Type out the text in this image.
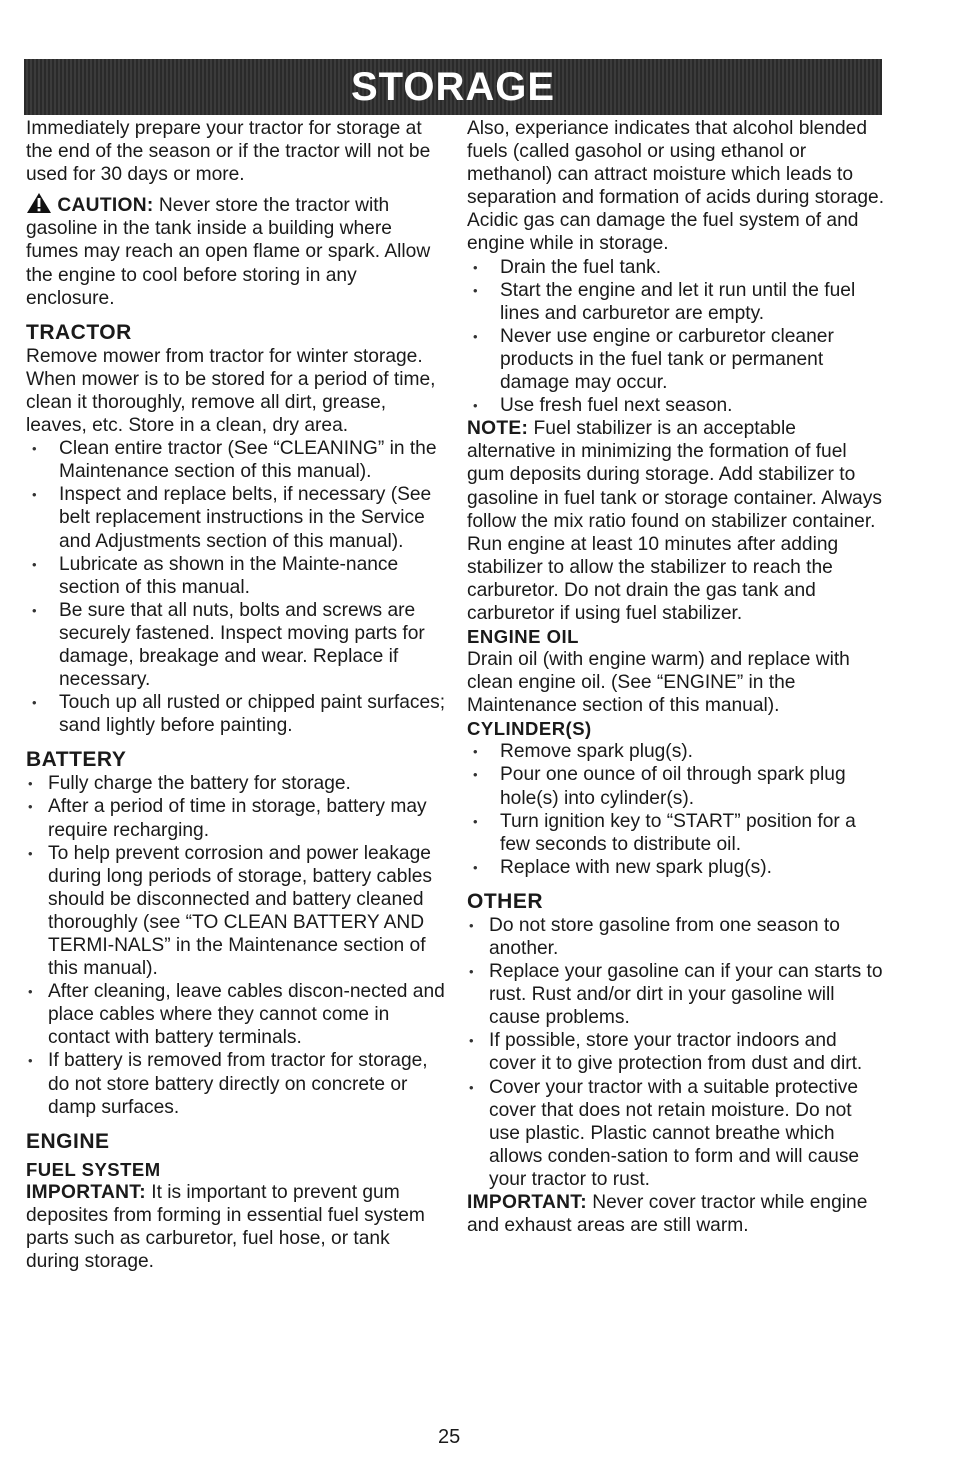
STORAGE

Immediately prepare your tractor for storage at the end of the season or if the tractor will not be used for 30 days or more.

CAUTION: Never store the tractor with gasoline in the tank inside a building where fumes may reach an open flame or spark. Allow the engine to cool before storing in any enclosure.

TRACTOR

Remove mower from tractor for winter storage. When mower is to be stored for a period of time, clean it thoroughly, remove all dirt, grease, leaves, etc. Store in a clean, dry area.

• Clean entire tractor (See “CLEANING” in the Maintenance section of this manual).
• Inspect and replace belts, if necessary (See belt replacement instructions in the Service and Adjustments section of this manual).
• Lubricate as shown in the Mainte-nance section of this manual.
• Be sure that all nuts, bolts and screws are securely fastened. Inspect moving parts for damage, breakage and wear. Replace if necessary.
• Touch up all rusted or chipped paint surfaces; sand lightly before painting.

BATTERY

• Fully charge the battery for storage.
• After a period of time in storage, battery may require recharging.
• To help prevent corrosion and power leakage during long periods of storage, battery cables should be disconnected and battery cleaned thoroughly (see “TO CLEAN BATTERY AND TERMI-NALS” in the Maintenance section of this manual).
• After cleaning, leave cables discon-nected and place cables where they cannot come in contact with battery terminals.
• If battery is removed from tractor for storage, do not store battery directly on concrete or damp surfaces.

ENGINE

FUEL SYSTEM

IMPORTANT: It is important to prevent gum deposites from forming in essential fuel system parts such as carburetor, fuel hose, or tank during storage.

Also, experiance indicates that alcohol blended fuels (called gasohol or using ethanol or methanol) can attract moisture which leads to separation and formation of acids during storage. Acidic gas can damage the fuel system of and engine while in storage.

• Drain the fuel tank.
• Start the engine and let it run until the fuel lines and carburetor are empty.
• Never use engine or carburetor cleaner products in the fuel tank or permanent damage may occur.
• Use fresh fuel next season.

NOTE: Fuel stabilizer is an acceptable alternative in minimizing the formation of fuel gum deposits during storage. Add stabilizer to gasoline in fuel tank or storage container. Always follow the mix ratio found on stabilizer container. Run engine at least 10 minutes after adding stabilizer to allow the stabilizer to reach the carburetor. Do not drain the gas tank and carburetor if using fuel stabilizer.

ENGINE OIL

Drain oil (with engine warm) and replace with clean engine oil. (See “ENGINE” in the Maintenance section of this manual).

CYLINDER(S)

• Remove spark plug(s).
• Pour one ounce of oil through spark plug hole(s) into cylinder(s).
• Turn ignition key to “START” position for a few seconds to distribute oil.
• Replace with new spark plug(s).

OTHER

• Do not store gasoline from one season to another.
• Replace your gasoline can if your can starts to rust. Rust and/or dirt in your gasoline will cause problems.
• If possible, store your tractor indoors and cover it to give protection from dust and dirt.
• Cover your tractor with a suitable protective cover that does not retain moisture. Do not use plastic. Plastic cannot breathe which allows conden-sation to form and will cause your tractor to rust.

IMPORTANT: Never cover tractor while engine and exhaust areas are still warm.

25
